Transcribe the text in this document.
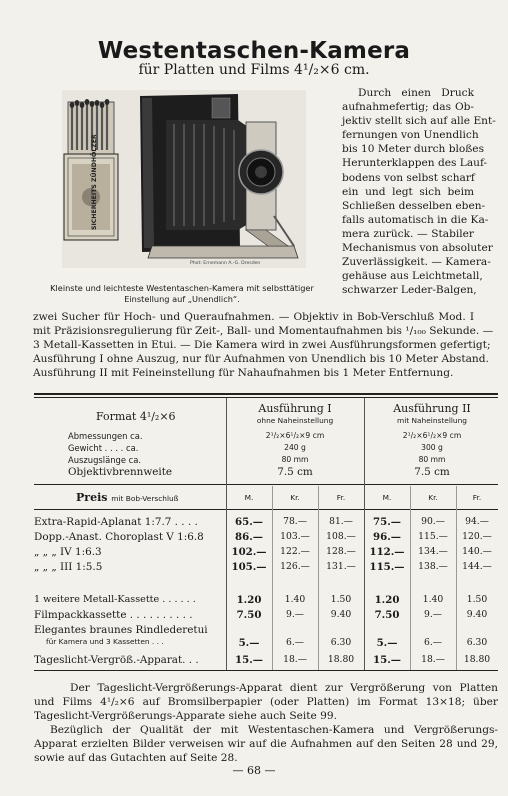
Westentaschen-Kamera
für Platten und Films 4¹/₂×6 cm.
SICHERHEITS ZÜNDHÖLZER
Phot: Ernemann A.-G. Dresden
Kleinste und leichteste Westentaschen-Kamera mit selbsttätiger
Einstellung auf „Unendlich“.
Durch einen Druck
aufnahmefertig; das Ob-
jektiv stellt sich auf alle Ent-
fernungen von Unendlich
bis 10 Meter durch bloßes
Herunterklappen des Lauf-
bodens von selbst scharf
ein und legt sich beim
Schließen desselben eben-
falls automatisch in die Ka-
mera zurück. — Stabiler
Mechanismus von absoluter
Zuverlässigkeit. — Kamera-
gehäuse aus Leichtmetall,
schwarzer Leder-Balgen,
zwei Sucher für Hoch- und Queraufnahmen. — Objektiv in Bob-Verschluß Mod. I
mit Präzisionsregulierung für Zeit-, Ball- und Momentaufnahmen bis ¹/₁₀₀ Sekunde. —
3 Metall-Kassetten in Etui. — Die Kamera wird in zwei Ausführungsformen gefertigt;
Ausführung I ohne Auszug, nur für Aufnahmen von Unendlich bis 10 Meter Abstand.
Ausführung II mit Feineinstellung für Nahaufnahmen bis 1 Meter Entfernung.
Format 4¹/₂×6
Ausführung I
ohne Naheinstellung
Ausführung II
mit Naheinstellung
Abmessungen ca.	2¹/₂×6¹/₂×9 cm	2¹/₂×6¹/₂×9 cm
Gewicht . . . . ca.	240 g	300 g
Auszugslänge ca.	80 mm	80 mm
Objektivbrennweite	7.5 cm	7.5 cm
Preis mit Bob-Verschluß	M.	Kr.	Fr.	M.	Kr.	Fr.
Extra-Rapid-Aplanat 1:7.7 . . . .	65.—	78.—	81.—	75.—	90.—	94.—
Dopp.-Anast. Choroplast V 1:6.8	86.—	103.—	108.—	96.—	115.—	120.—
„ „ „ IV 1:6.3	102.—	122.—	128.—	112.—	134.—	140.—
„ „ „ III 1:5.5	105.—	126.—	131.—	115.—	138.—	144.—
1 weitere Metall-Kassette . . . . . .	1.20	1.40	1.50	1.20	1.40	1.50
Filmpackkassette . . . . . . . . . .	7.50	9.—	9.40	7.50	9.—	9.40
Elegantes braunes Rindlederetui
für Kamera und 3 Kassetten . . .	5.—	6.—	6.30	5.—	6.—	6.30
Tageslicht-Vergröß.-Apparat. . .	15.—	18.—	18.80	15.—	18.—	18.80
Der Tageslicht-Vergrößerungs-Apparat dient zur Vergrößerung von Platten
und Films 4¹/₂×6 auf Bromsilberpapier (oder Platten) im Format 13×18; über
Tageslicht-Vergrößerungs-Apparate siehe auch Seite 99.
Bezüglich der Qualität der mit Westentaschen-Kamera und Vergrößerungs-
Apparat erzielten Bilder verweisen wir auf die Aufnahmen auf den Seiten 28 und 29,
sowie auf das Gutachten auf Seite 28.
— 68 —
